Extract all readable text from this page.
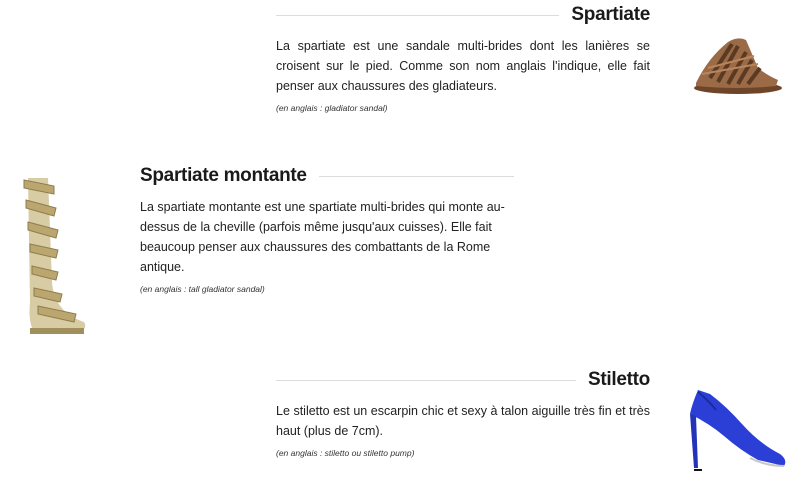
Spartiate

La spartiate est une sandale multi-brides dont les lanières se croisent sur le pied. Comme son nom anglais l'indique, elle fait penser aux chaussures des gladiateurs.

(en anglais : gladiator sandal)
Spartiate montante

La spartiate montante est une spartiate multi-brides qui monte au-dessus de la cheville (parfois même jusqu'aux cuisses). Elle fait beaucoup penser aux chaussures des combattants de la Rome antique.

(en anglais : tall gladiator sandal)
Stiletto

Le stiletto est un escarpin chic et sexy à talon aiguille très fin et très haut (plus de 7cm).

(en anglais : stiletto ou stiletto pump)
